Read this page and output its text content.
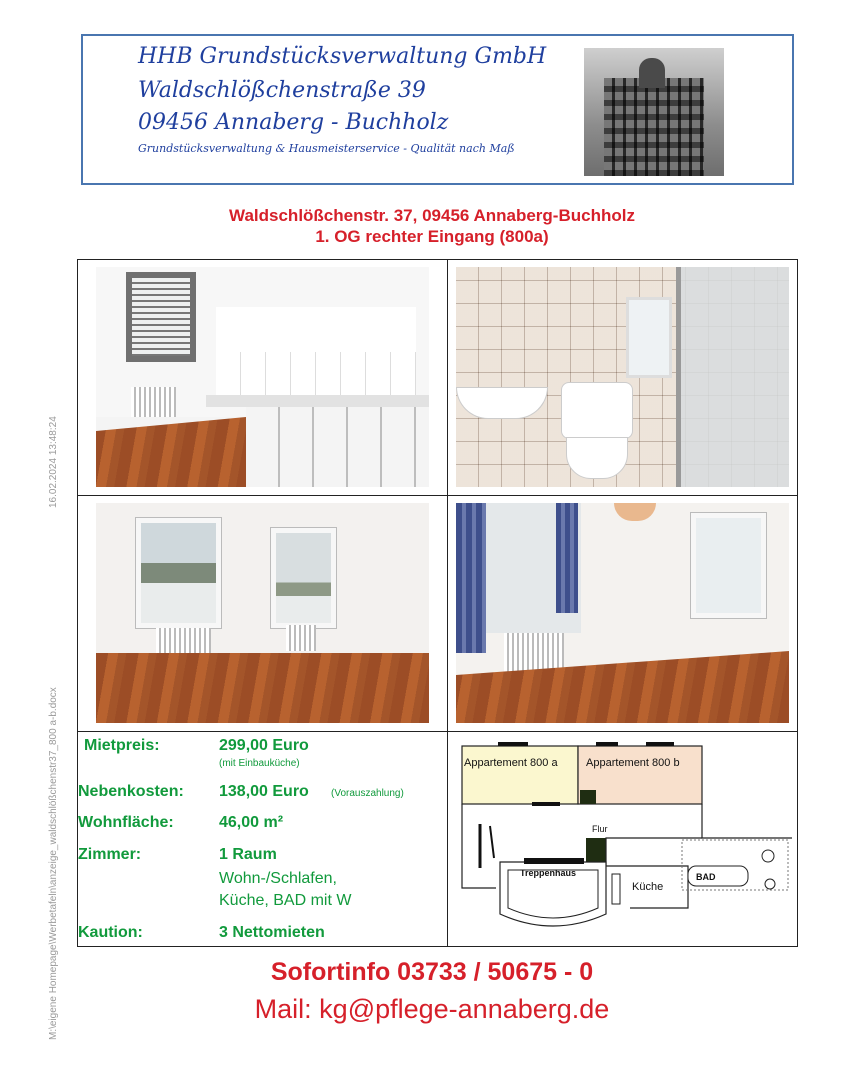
16.02.2024 13:48:24
M:\eigene Homepage\Werbetafeln\anzeige_waldschlößchenstr37_800 a-b.docx
HHB Grundstücksverwaltung GmbH
Waldschlößchenstraße 39
09456 Annaberg - Buchholz
Grundstücksverwaltung & Hausmeisterservice - Qualität nach Maß
Waldschlößchenstr. 37, 09456 Annaberg-Buchholz
1. OG rechter Eingang (800a)
Mietpreis:	299,00 Euro
(mit Einbauküche)
Nebenkosten: 138,00 Euro (Vorauszahlung)
Wohnfläche:	46,00 m²
Zimmer:	1 Raum
Wohn-/Schlafen,
Küche, BAD mit W
Kaution:	3 Nettomieten
Appartement 800 a	Appartement 800 b
Flur
Treppenhaus
Küche
BAD
Sofortinfo 03733 / 50675 - 0
Mail: kg@pflege-annaberg.de
